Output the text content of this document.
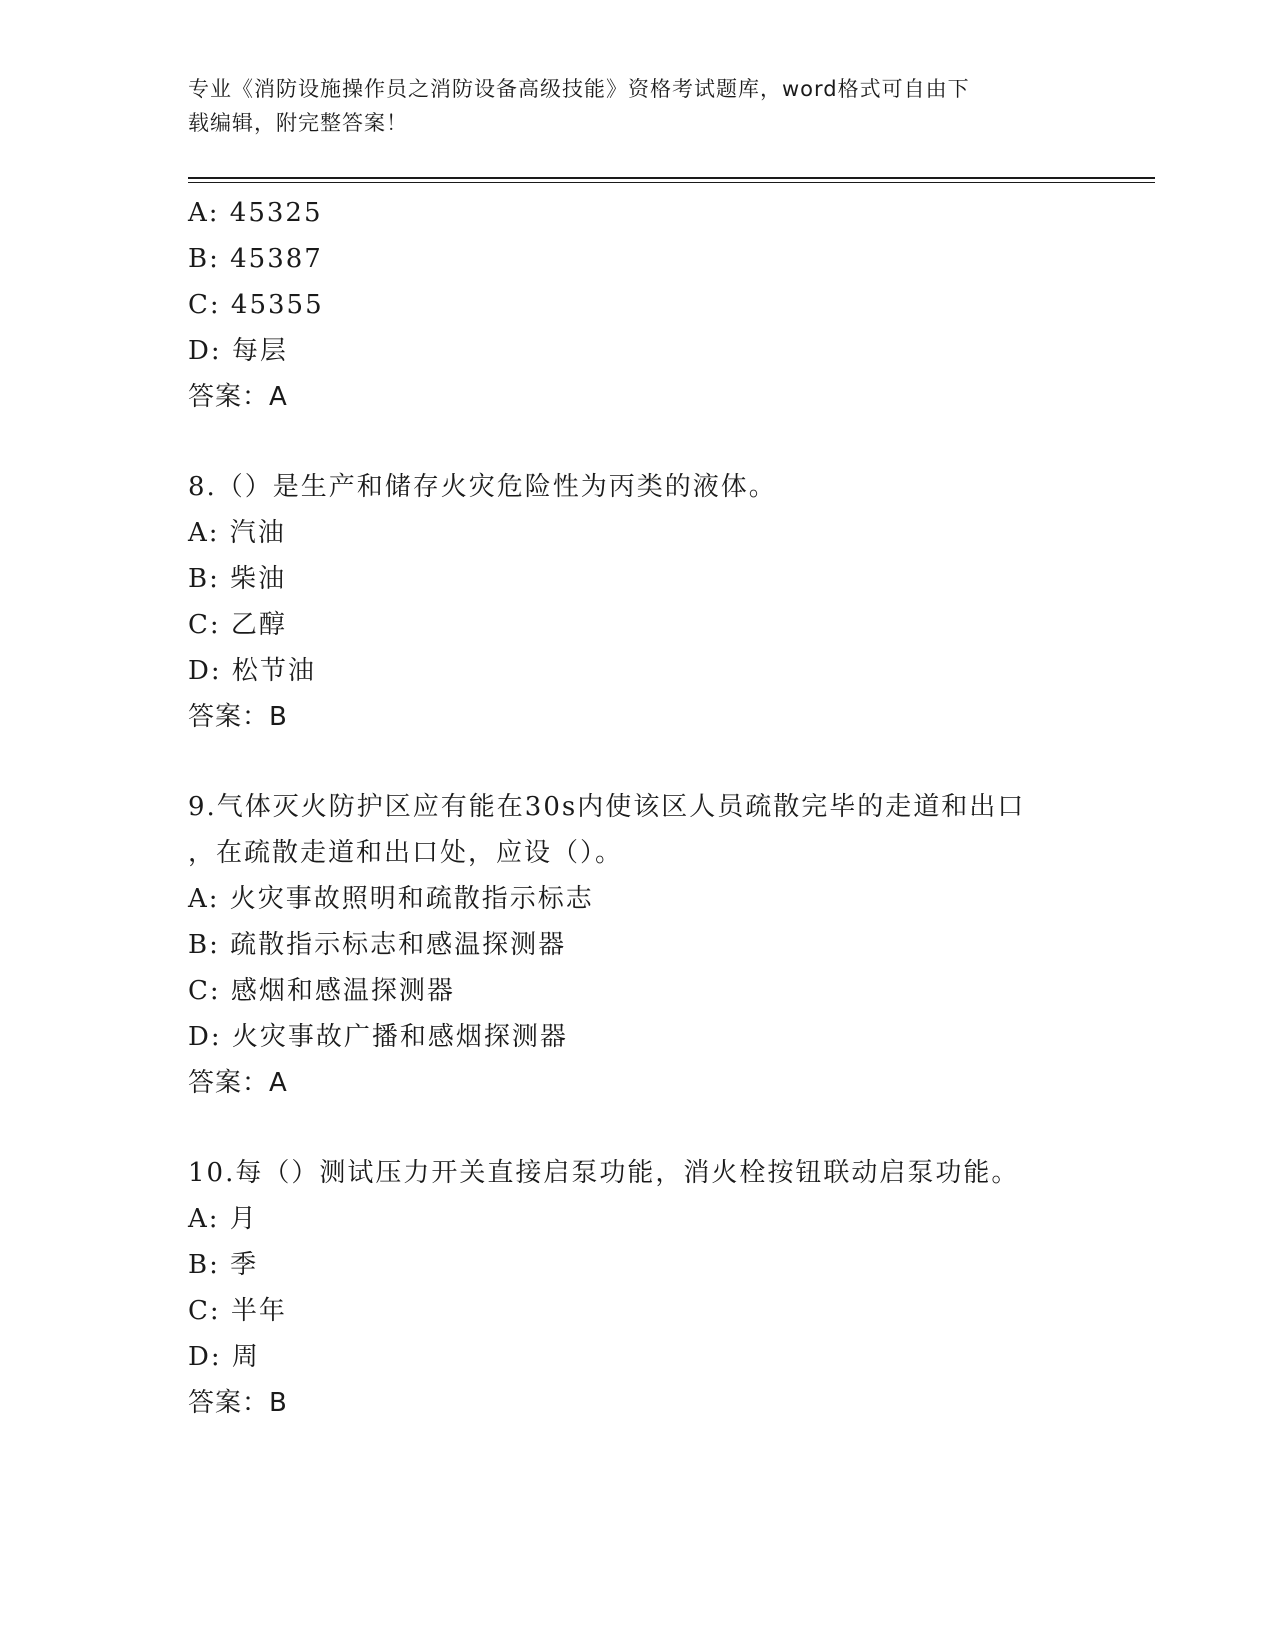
专业《消防设施操作员之消防设备高级技能》资格考试题库，word格式可自由下
载编辑，附完整答案！
A: 45325
B: 45387
C: 45355
D: 每层
答案：A
8.（）是生产和储存火灾危险性为丙类的液体。
A: 汽油
B: 柴油
C: 乙醇
D: 松节油
答案：B
9.气体灭火防护区应有能在30s内使该区人员疏散完毕的走道和出口
，在疏散走道和出口处，应设（）。
A: 火灾事故照明和疏散指示标志
B: 疏散指示标志和感温探测器
C: 感烟和感温探测器
D: 火灾事故广播和感烟探测器
答案：A
10.每（）测试压力开关直接启泵功能，消火栓按钮联动启泵功能。
A: 月
B: 季
C: 半年
D: 周
答案：B
